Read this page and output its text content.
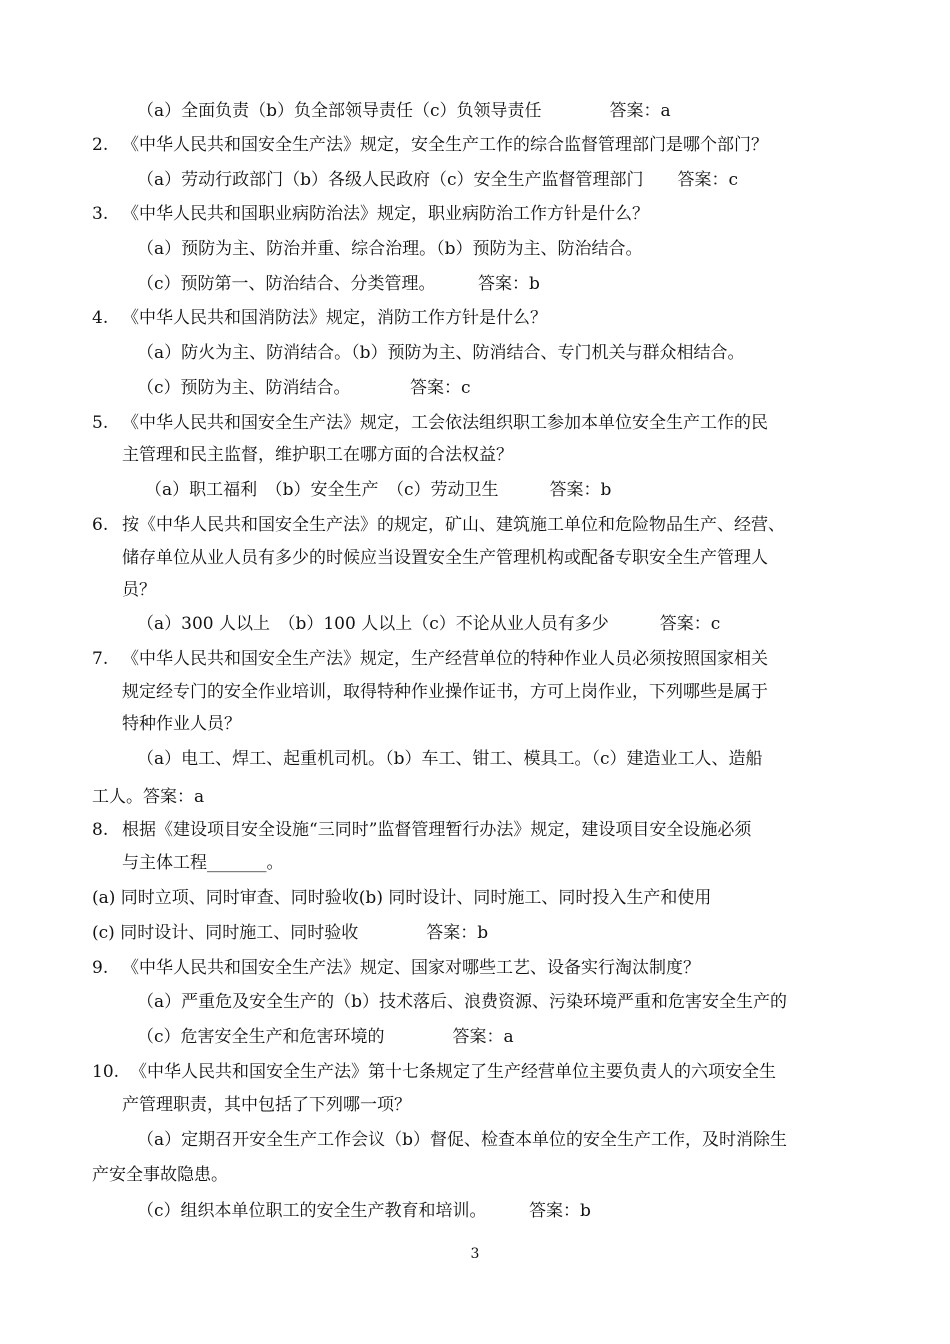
（a）全面负责（b）负全部领导责任（c）负领导责任　　　　答案：a
2. 《中华人民共和国安全生产法》规定，安全生产工作的综合监督管理部门是哪个部门？
（a）劳动行政部门（b）各级人民政府（c）安全生产监督管理部门　　答案：c
3. 《中华人民共和国职业病防治法》规定，职业病防治工作方针是什么？
（a）预防为主、防治并重、综合治理。（b）预防为主、防治结合。
（c）预防第一、防治结合、分类管理。　　　答案：b
4. 《中华人民共和国消防法》规定，消防工作方针是什么？
（a）防火为主、防消结合。（b）预防为主、防消结合、专门机关与群众相结合。
（c）预防为主、防消结合。　　　　答案：c
5. 《中华人民共和国安全生产法》规定，工会依法组织职工参加本单位安全生产工作的民
主管理和民主监督，维护职工在哪方面的合法权益？
（a）职工福利　（b）安全生产　（c）劳动卫生　　　答案：b
6. 按《中华人民共和国安全生产法》的规定，矿山、建筑施工单位和危险物品生产、经营、
储存单位从业人员有多少的时候应当设置安全生产管理机构或配备专职安全生产管理人
员？
（a）300 人以上　（b）100 人以上（c）不论从业人员有多少　　　答案：c
7. 《中华人民共和国安全生产法》规定，生产经营单位的特种作业人员必须按照国家相关
规定经专门的安全作业培训，取得特种作业操作证书，方可上岗作业，下列哪些是属于
特种作业人员？
（a）电工、焊工、起重机司机。（b）车工、钳工、模具工。（c）建造业工人、造船
工人。答案：a
8. 根据《建设项目安全设施“三同时”监督管理暂行办法》规定，建设项目安全设施必须
与主体工程_______。
(a) 同时立项、同时审查、同时验收(b) 同时设计、同时施工、同时投入生产和使用
(c) 同时设计、同时施工、同时验收　　　　答案：b
9. 《中华人民共和国安全生产法》规定、国家对哪些工艺、设备实行淘汰制度？
（a）严重危及安全生产的（b）技术落后、浪费资源、污染环境严重和危害安全生产的
（c）危害安全生产和危害环境的　　　　答案：a
10. 《中华人民共和国安全生产法》第十七条规定了生产经营单位主要负责人的六项安全生
产管理职责，其中包括了下列哪一项？
（a）定期召开安全生产工作会议（b）督促、检查本单位的安全生产工作，及时消除生
产安全事故隐患。
（c）组织本单位职工的安全生产教育和培训。　　　答案：b
3
